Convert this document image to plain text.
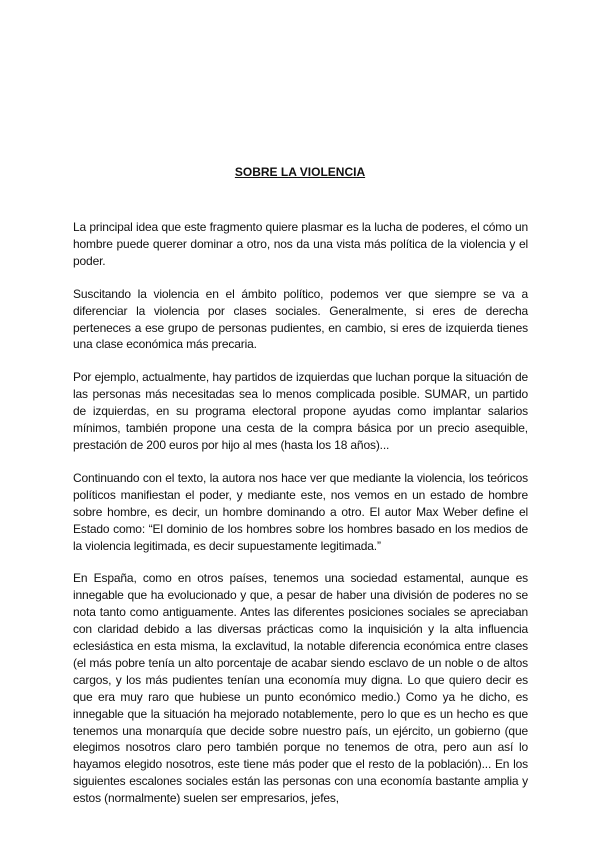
SOBRE LA VIOLENCIA

La principal idea que este fragmento quiere plasmar es la lucha de poderes, el cómo un hombre puede querer dominar a otro, nos da una vista más política de la violencia y el poder.

Suscitando la violencia en el ámbito político, podemos ver que siempre se va a diferenciar la violencia por clases sociales. Generalmente, si eres de derecha perteneces a ese grupo de personas pudientes, en cambio, si eres de izquierda tienes una clase económica más precaria.

Por ejemplo, actualmente, hay partidos de izquierdas que luchan porque la situación de las personas más necesitadas sea lo menos complicada posible. SUMAR, un partido de izquierdas, en su programa electoral propone ayudas como implantar salarios mínimos, también propone una cesta de la compra básica por un precio asequible, prestación de 200 euros por hijo al mes (hasta los 18 años)...

Continuando con el texto, la autora nos hace ver que mediante la violencia, los teóricos políticos manifiestan el poder, y mediante este, nos vemos en un estado de hombre sobre hombre, es decir, un hombre dominando a otro. El autor Max Weber define el Estado como: “El dominio de los hombres sobre los hombres basado en los medios de la violencia legitimada, es decir supuestamente legitimada.”

En España, como en otros países, tenemos una sociedad estamental, aunque es innegable que ha evolucionado y que, a pesar de haber una división de poderes no se nota tanto como antiguamente. Antes las diferentes posiciones sociales se apreciaban con claridad debido a las diversas prácticas como la inquisición y la alta influencia eclesiástica en esta misma, la exclavitud, la notable diferencia económica entre clases (el más pobre tenía un alto porcentaje de acabar siendo esclavo de un noble o de altos cargos, y los más pudientes tenían una economía muy digna. Lo que quiero decir es que era muy raro que hubiese un punto económico medio.) Como ya he dicho, es innegable que la situación ha mejorado notablemente, pero lo que es un hecho es que tenemos una monarquía que decide sobre nuestro país, un ejército, un gobierno (que elegimos nosotros claro pero también porque no tenemos de otra, pero aun así lo hayamos elegido nosotros, este tiene más poder que el resto de la población)... En los siguientes escalones sociales están las personas con una economía bastante amplia y estos (normalmente) suelen ser empresarios, jefes,
